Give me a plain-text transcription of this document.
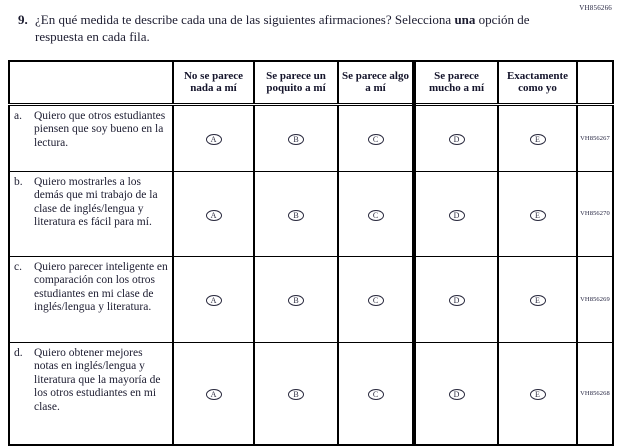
VH856266
9. ¿En qué medida te describe cada una de las siguientes afirmaciones? Selecciona una opción de respuesta en cada fila.
	No se parece nada a mí	Se parece un poquito a mí	Se parece algo a mí	Se parece mucho a mí	Exactamente como yo	

a. Quiero que otros estudiantes piensen que soy bueno en la lectura.	A	B	C	D	E	VH856267

b. Quiero mostrarles a los demás que mi trabajo de la clase de inglés/lengua y literatura es fácil para mí.	A	B	C	D	E	VH856270

c. Quiero parecer inteligente en comparación con los otros estudiantes en mi clase de inglés/lengua y literatura.	A	B	C	D	E	VH856269

d. Quiero obtener mejores notas en inglés/lengua y literatura que la mayoría de los otros estudiantes en mi clase.	A	B	C	D	E	VH856268
